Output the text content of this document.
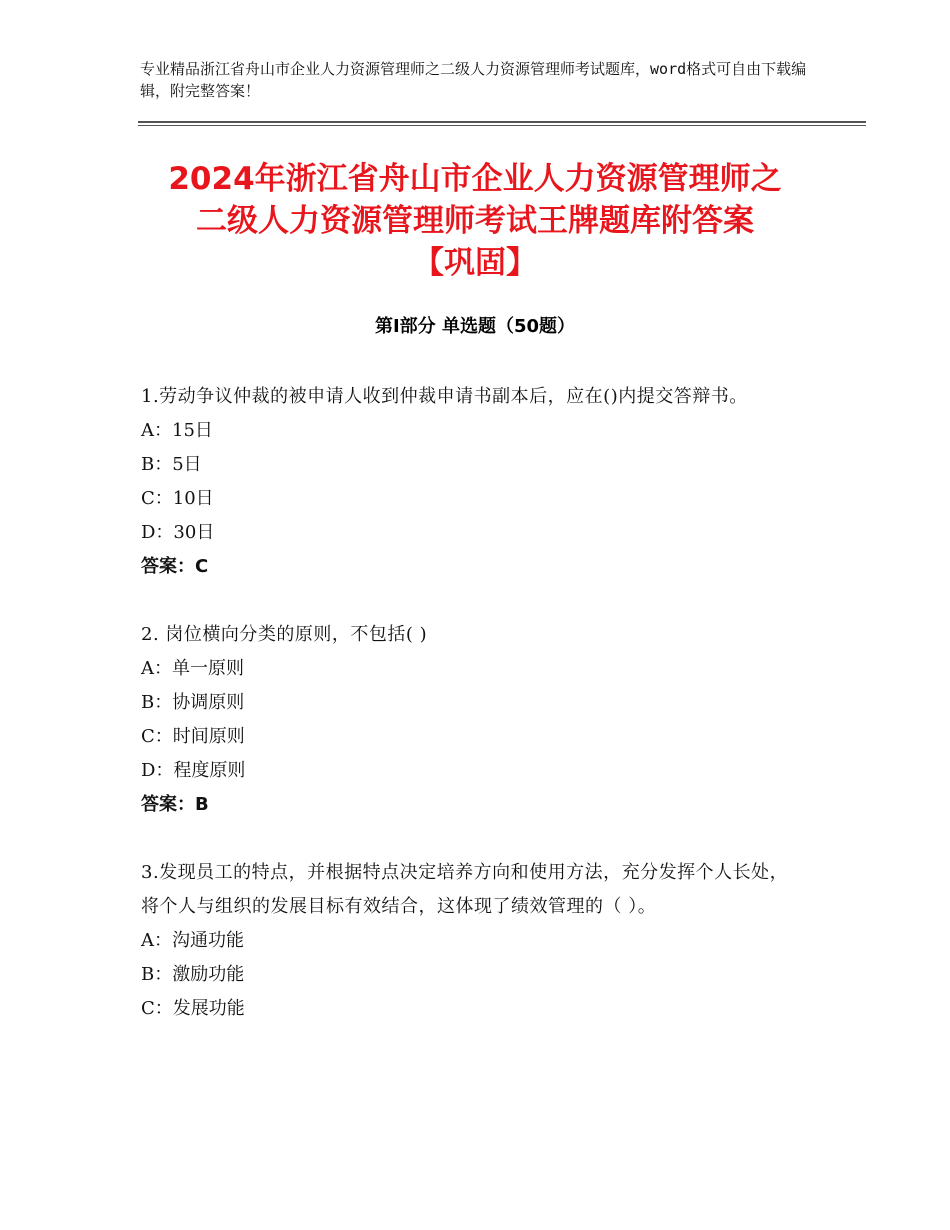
专业精品浙江省舟山市企业人力资源管理师之二级人力资源管理师考试题库，word格式可自由下载编辑，附完整答案！
2024年浙江省舟山市企业人力资源管理师之
二级人力资源管理师考试王牌题库附答案
【巩固】
第Ⅰ部分 单选题（50题）

1.劳动争议仲裁的被申请人收到仲裁申请书副本后，应在()内提交答辩书。

A：15日

B：5日

C：10日

D：30日

答案：C

2. 岗位横向分类的原则，不包括( )

A：单一原则

B：协调原则

C：时间原则

D：程度原则

答案：B

3.发现员工的特点，并根据特点决定培养方向和使用方法，充分发挥个人长处，将个人与组织的发展目标有效结合，这体现了绩效管理的（ ）。

A：沟通功能

B：激励功能

C：发展功能
